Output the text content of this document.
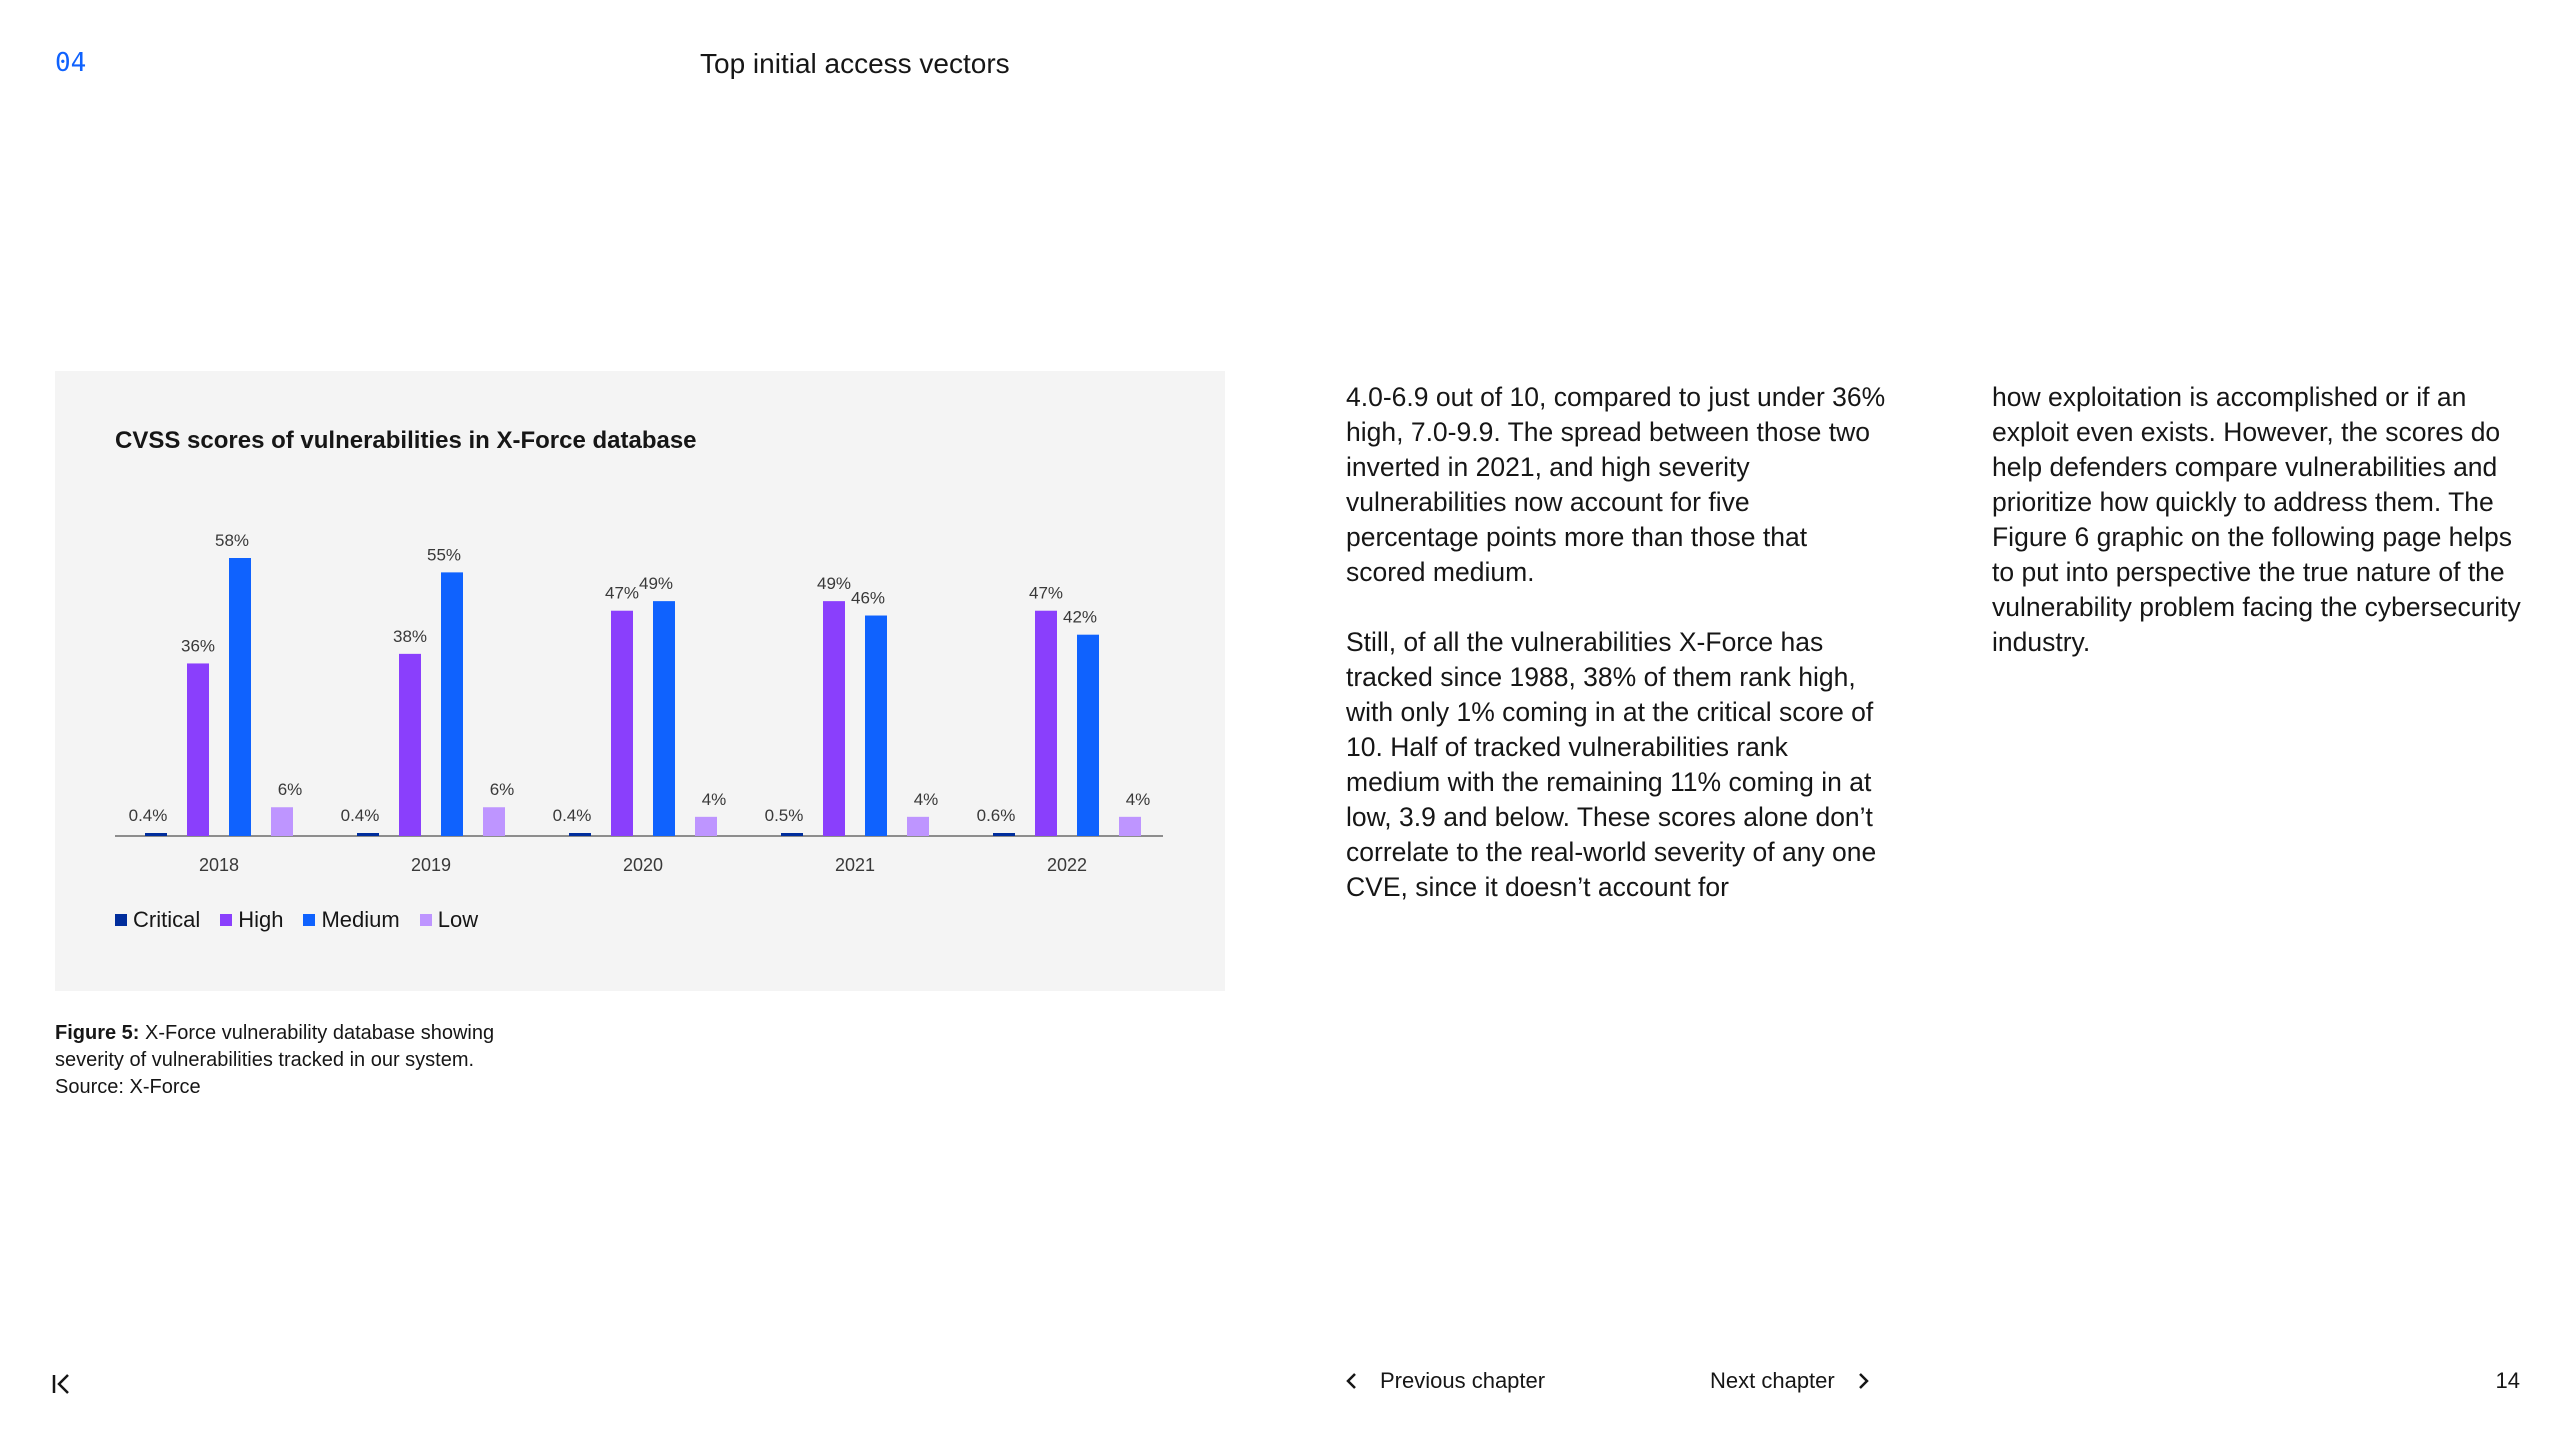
04	Top initial access vectors
CVSS scores of vulnerabilities in X-Force database
0.4%
36%
58%
6%
2018
0.4%
38%
55%
6%
2019
0.4%
47%
49%
4%
2020
0.5%
49%
46%
4%
2021
0.6%
47%
42%
4%
2022
Critical High Medium Low
Figure 5: X-Force vulnerability database showing
severity of vulnerabilities tracked in our system.
Source: X-Force

4.0-6.9 out of 10, compared to just under 36% high, 7.0-9.9. The spread between those two inverted in 2021, and high severity vulnerabilities now account for five percentage points more than those that scored medium.

Still, of all the vulnerabilities X-Force has tracked since 1988, 38% of them rank high, with only 1% coming in at the critical score of 10. Half of tracked vulnerabilities rank medium with the remaining 11% coming in at low, 3.9 and below. These scores alone don’t correlate to the real-world severity of any one CVE, since it doesn’t account for

how exploitation is accomplished or if an exploit even exists. However, the scores do help defenders compare vulnerabilities and prioritize how quickly to address them. The Figure 6 graphic on the following page helps to put into perspective the true nature of the vulnerability problem facing the cybersecurity industry.

Previous chapter	Next chapter	14
